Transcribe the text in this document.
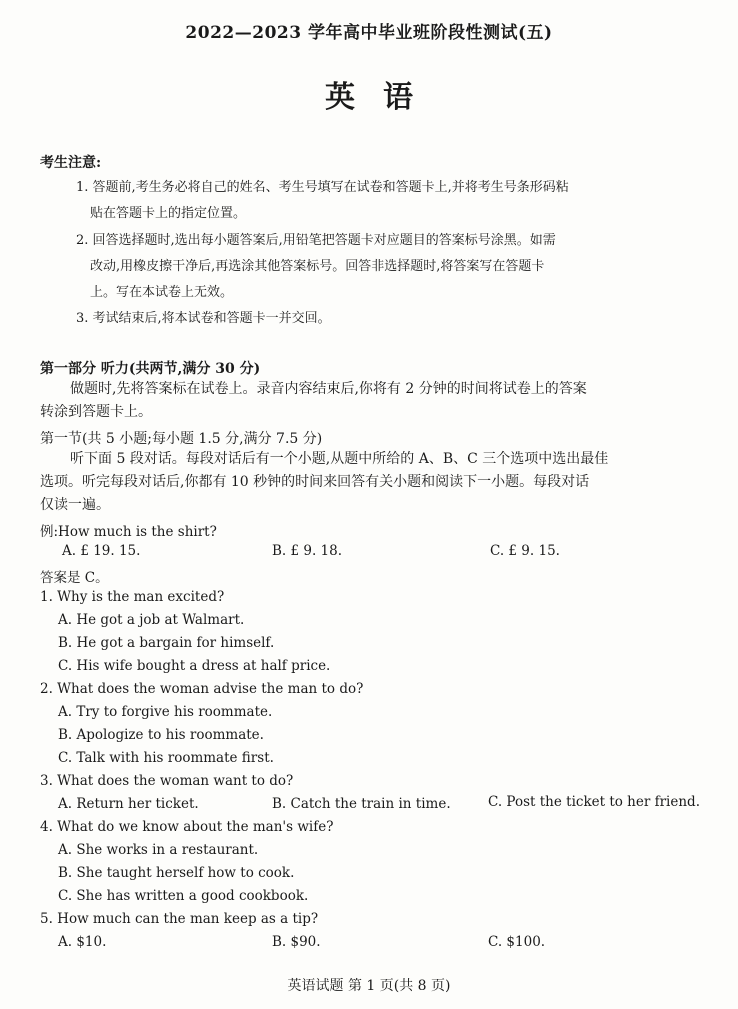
2022—2023 学年高中毕业班阶段性测试(五)
英语
考生注意:
1. 答题前,考生务必将自己的姓名、考生号填写在试卷和答题卡上,并将考生号条形码粘
贴在答题卡上的指定位置。
2. 回答选择题时,选出每小题答案后,用铅笔把答题卡对应题目的答案标号涂黑。如需
改动,用橡皮擦干净后,再选涂其他答案标号。回答非选择题时,将答案写在答题卡
上。写在本试卷上无效。
3. 考试结束后,将本试卷和答题卡一并交回。
第一部分 听力(共两节,满分 30 分)
做题时,先将答案标在试卷上。录音内容结束后,你将有 2 分钟的时间将试卷上的答案
转涂到答题卡上。
第一节(共 5 小题;每小题 1.5 分,满分 7.5 分)
听下面 5 段对话。每段对话后有一个小题,从题中所给的 A、B、C 三个选项中选出最佳
选项。听完每段对话后,你都有 10 秒钟的时间来回答有关小题和阅读下一小题。每段对话
仅读一遍。
例:How much is the shirt?
A. £ 19. 15.	B. £ 9. 18.	C. £ 9. 15.
答案是 C。
1. Why is the man excited?
A. He got a job at Walmart.
B. He got a bargain for himself.
C. His wife bought a dress at half price.
2. What does the woman advise the man to do?
A. Try to forgive his roommate.
B. Apologize to his roommate.
C. Talk with his roommate first.
3. What does the woman want to do?
A. Return her ticket.	B. Catch the train in time.	C. Post the ticket to her friend.
4. What do we know about the man's wife?
A. She works in a restaurant.
B. She taught herself how to cook.
C. She has written a good cookbook.
5. How much can the man keep as a tip?
A. $10.	B. $90.	C. $100.
英语试题 第 1 页(共 8 页)
